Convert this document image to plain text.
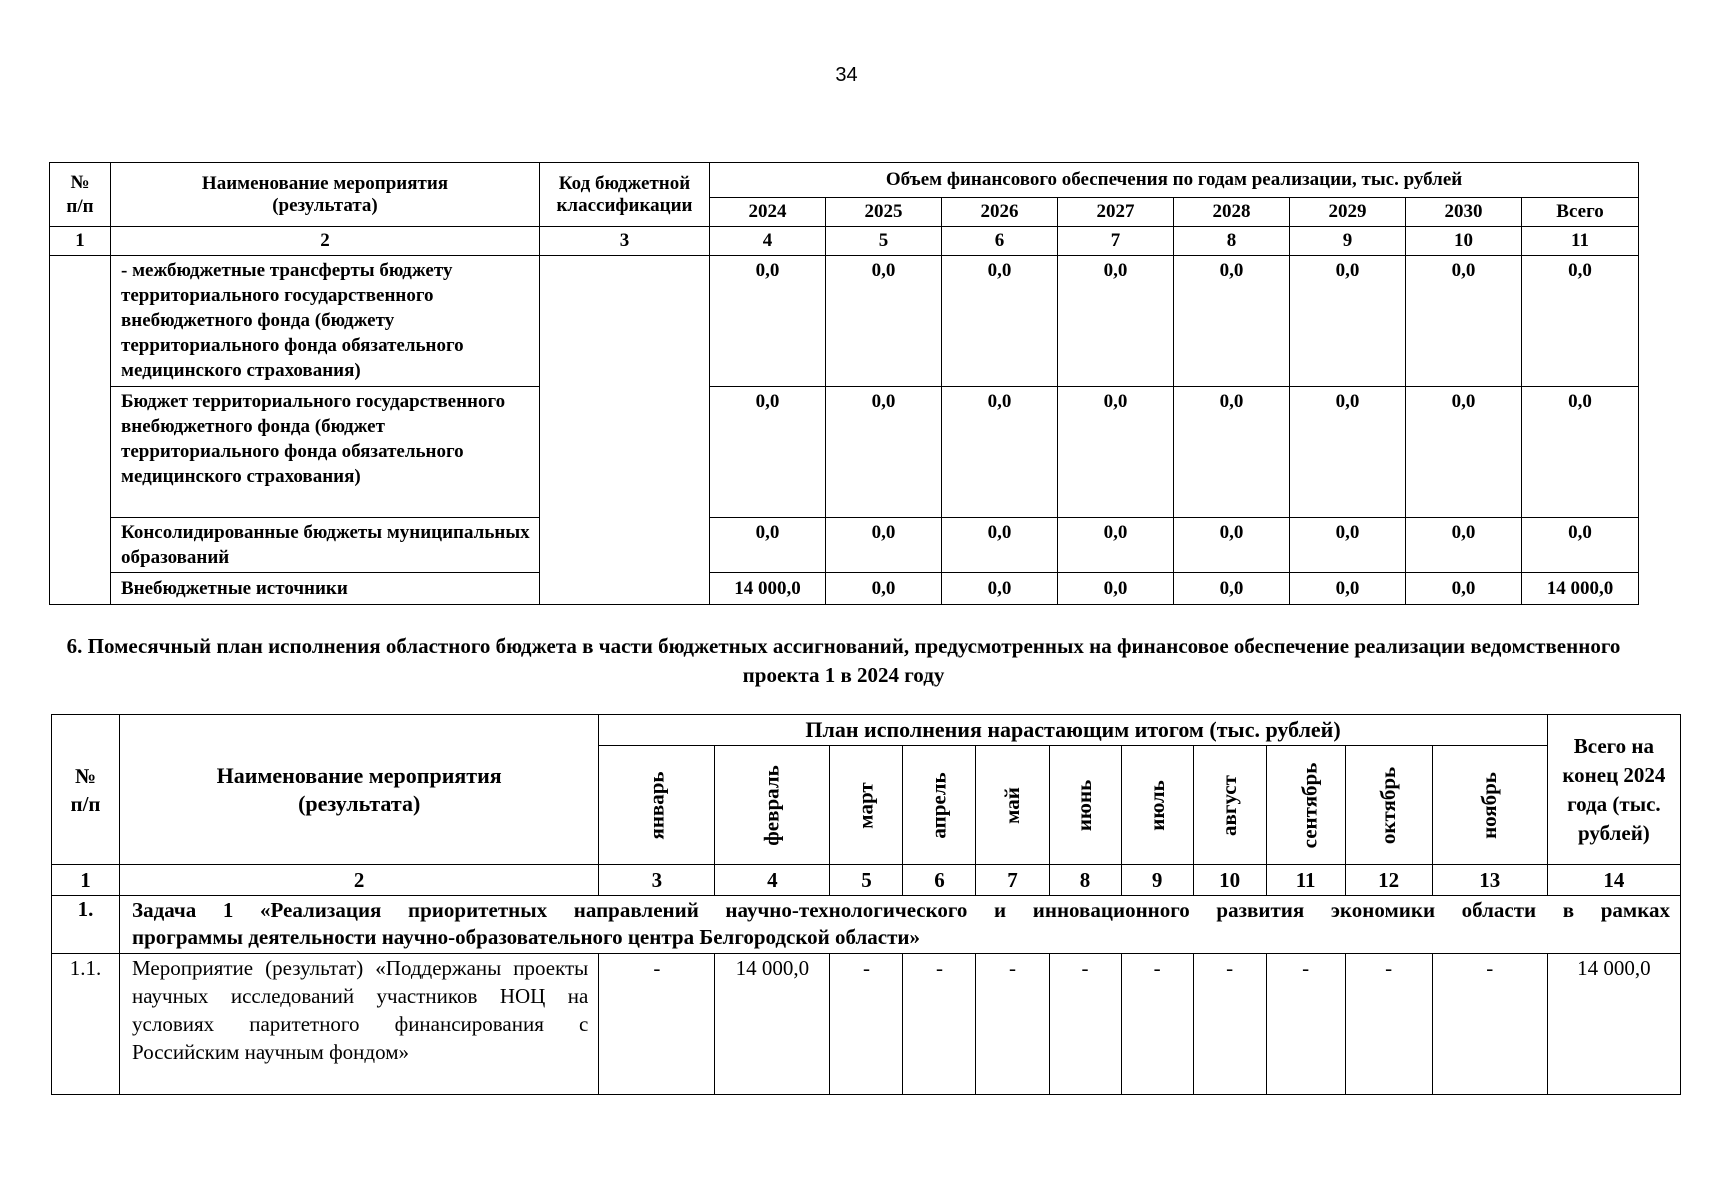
34
№
п/п	Наименование мероприятия (результата)	Код бюджетной классификации	Объем финансового обеспечения по годам реализации, тыс. рублей							
			2024	2025	2026	2027	2028	2029	2030	Всего
1	2	3	4	5	6	7	8	9	10	11
	- межбюджетные трансферты бюджету территориального государственного внебюджетного фонда (бюджету территориального фонда обязательного медицинского страхования)		0,0	0,0	0,0	0,0	0,0	0,0	0,0	0,0
	Бюджет территориального государственного внебюджетного фонда (бюджет территориального фонда обязательного медицинского страхования)		0,0	0,0	0,0	0,0	0,0	0,0	0,0	0,0
	Консолидированные бюджеты муниципальных образований		0,0	0,0	0,0	0,0	0,0	0,0	0,0	0,0
	Внебюджетные источники		14 000,0	0,0	0,0	0,0	0,0	0,0	0,0	14 000,0
6. Помесячный план исполнения областного бюджета в части бюджетных ассигнований, предусмотренных на финансовое обеспечение реализации ведомственного проекта 1 в 2024 году
№
п/п	Наименование мероприятия (результата)	План исполнения нарастающим итогом (тыс. рублей)											Всего на конец 2024 года (тыс. рублей)
		январь	февраль	март	апрель	май	июнь	июль	август	сентябрь	октябрь	ноябрь	
1	2	3	4	5	6	7	8	9	10	11	12	13	14
1.	Задача 1 «Реализация приоритетных направлений научно-технологического и инновационного развития экономики области в рамках
программы деятельности научно-образовательного центра Белгородской области»												

1.1.	Мероприятие (результат) «Поддержаны проекты научных исследований участников НОЦ на условиях паритетного финансирования с Российским научным фондом»	-	14 000,0	-	-	-	-	-	-	-	-	-	14 000,0
